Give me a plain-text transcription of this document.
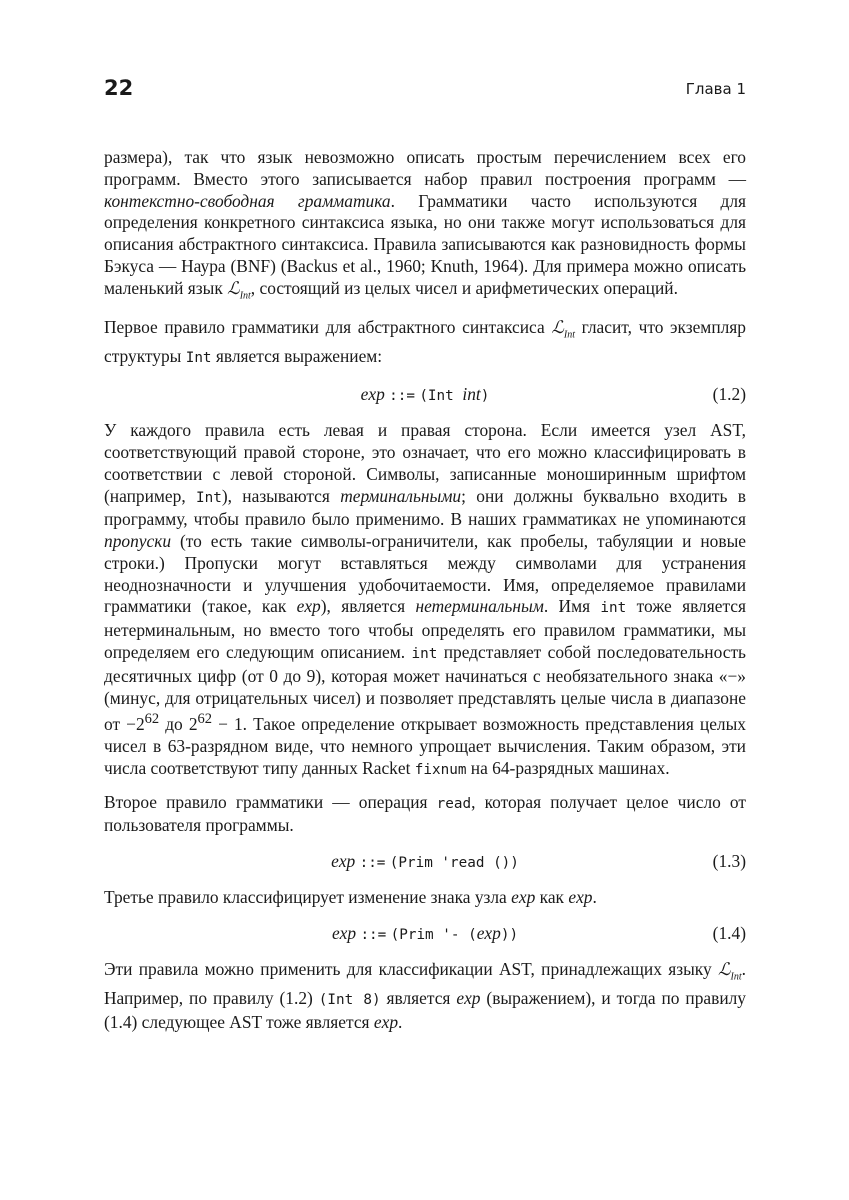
22	Глава 1

размера), так что язык невозможно описать простым перечислением всех его программ. Вместо этого записывается набор правил построения программ — контекстно-свободная грамматика. Грамматики часто используются для определения конкретного синтаксиса языка, но они также могут использоваться для описания абстрактного синтаксиса. Правила записываются как разновидность формы Бэкуса — Наура (BNF) (Backus et al., 1960; Knuth, 1964). Для примера можно описать маленький язык ℒ$_{Int}$, состоящий из целых чисел и арифметических операций.

Первое правило грамматики для абстрактного синтаксиса ℒ$_{Int}$ гласит, что экземпляр структуры Int является выражением:

exp ::= (Int int)	(1.2)

У каждого правила есть левая и правая сторона. Если имеется узел AST, соответствующий правой стороне, это означает, что его можно классифицировать в соответствии с левой стороной. Символы, записанные моноширинным шрифтом (например, Int), называются терминальными; они должны буквально входить в программу, чтобы правило было применимо. В наших грамматиках не упоминаются пропуски (то есть такие символы-ограничители, как пробелы, табуляции и новые строки.) Пропуски могут вставляться между символами для устранения неоднозначности и улучшения удобочитаемости. Имя, определяемое правилами грамматики (такое, как exp), является нетерминальным. Имя int тоже является нетерминальным, но вместо того чтобы определять его правилом грамматики, мы определяем его следующим описанием. int представляет собой последовательность десятичных цифр (от 0 до 9), которая может начинаться с необязательного знака «−» (минус, для отрицательных чисел) и позволяет представлять целые числа в диапазоне от $-2^{62}$ до $2^{62} - 1$. Такое определение открывает возможность представления целых чисел в 63-разрядном виде, что немного упрощает вычисления. Таким образом, эти числа соответствуют типу данных Racket fixnum на 64-разрядных машинах.

Второе правило грамматики — операция read, которая получает целое число от пользователя программы.

exp ::= (Prim 'read ())	(1.3)

Третье правило классифицирует изменение знака узла exp как exp.

exp ::= (Prim '- (exp))	(1.4)

Эти правила можно применить для классификации AST, принадлежащих языку ℒ$_{Int}$. Например, по правилу (1.2) (Int 8) является exp (выражением), и тогда по правилу (1.4) следующее AST тоже является exp.
